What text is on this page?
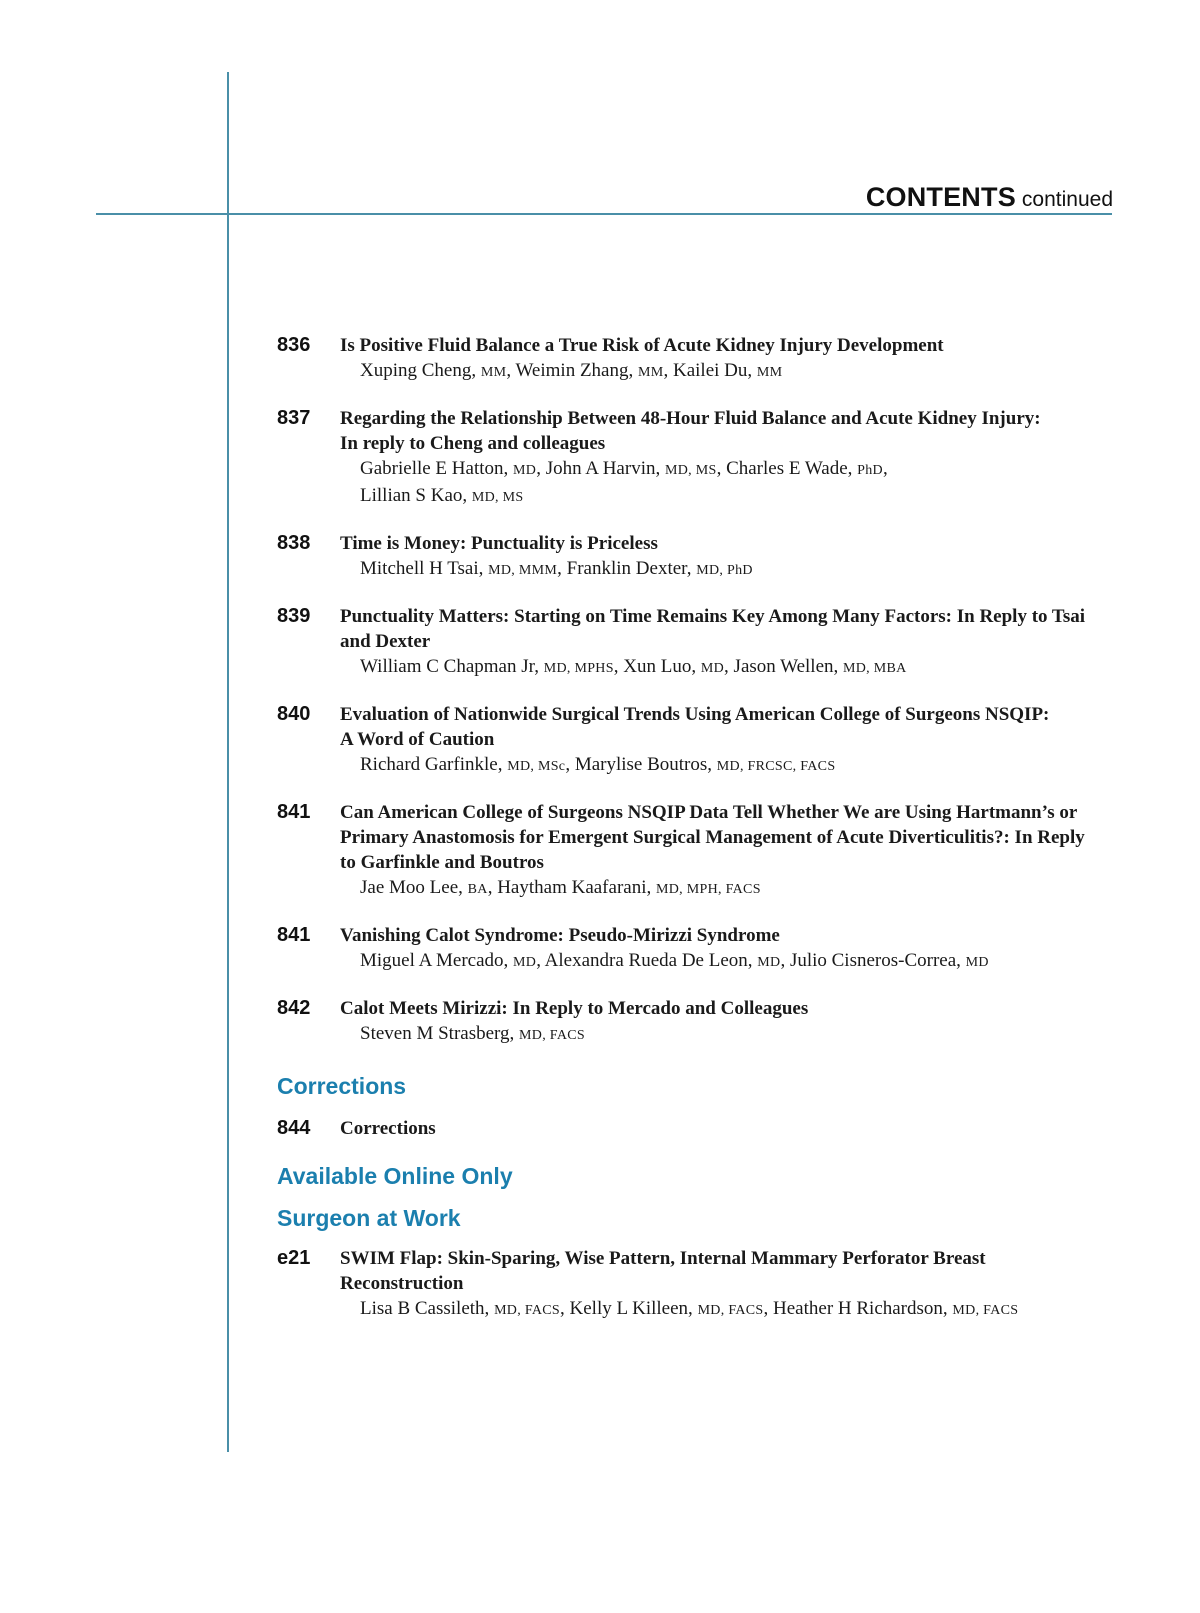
CONTENTS continued
836	Is Positive Fluid Balance a True Risk of Acute Kidney Injury Development
Xuping Cheng, MM, Weimin Zhang, MM, Kailei Du, MM
837	Regarding the Relationship Between 48-Hour Fluid Balance and Acute Kidney Injury:
In reply to Cheng and colleagues
Gabrielle E Hatton, MD, John A Harvin, MD, MS, Charles E Wade, PhD,
Lillian S Kao, MD, MS
838	Time is Money: Punctuality is Priceless
Mitchell H Tsai, MD, MMM, Franklin Dexter, MD, PhD
839	Punctuality Matters: Starting on Time Remains Key Among Many Factors: In Reply to Tsai
and Dexter
William C Chapman Jr, MD, MPHS, Xun Luo, MD, Jason Wellen, MD, MBA
840	Evaluation of Nationwide Surgical Trends Using American College of Surgeons NSQIP:
A Word of Caution
Richard Garfinkle, MD, MSc, Marylise Boutros, MD, FRCSC, FACS
841	Can American College of Surgeons NSQIP Data Tell Whether We are Using Hartmann’s or
Primary Anastomosis for Emergent Surgical Management of Acute Diverticulitis?: In Reply
to Garfinkle and Boutros
Jae Moo Lee, BA, Haytham Kaafarani, MD, MPH, FACS
841	Vanishing Calot Syndrome: Pseudo-Mirizzi Syndrome
Miguel A Mercado, MD, Alexandra Rueda De Leon, MD, Julio Cisneros-Correa, MD
842	Calot Meets Mirizzi: In Reply to Mercado and Colleagues
Steven M Strasberg, MD, FACS
Corrections
844	Corrections
Available Online Only
Surgeon at Work
e21	SWIM Flap: Skin-Sparing, Wise Pattern, Internal Mammary Perforator Breast
Reconstruction
Lisa B Cassileth, MD, FACS, Kelly L Killeen, MD, FACS, Heather H Richardson, MD, FACS
